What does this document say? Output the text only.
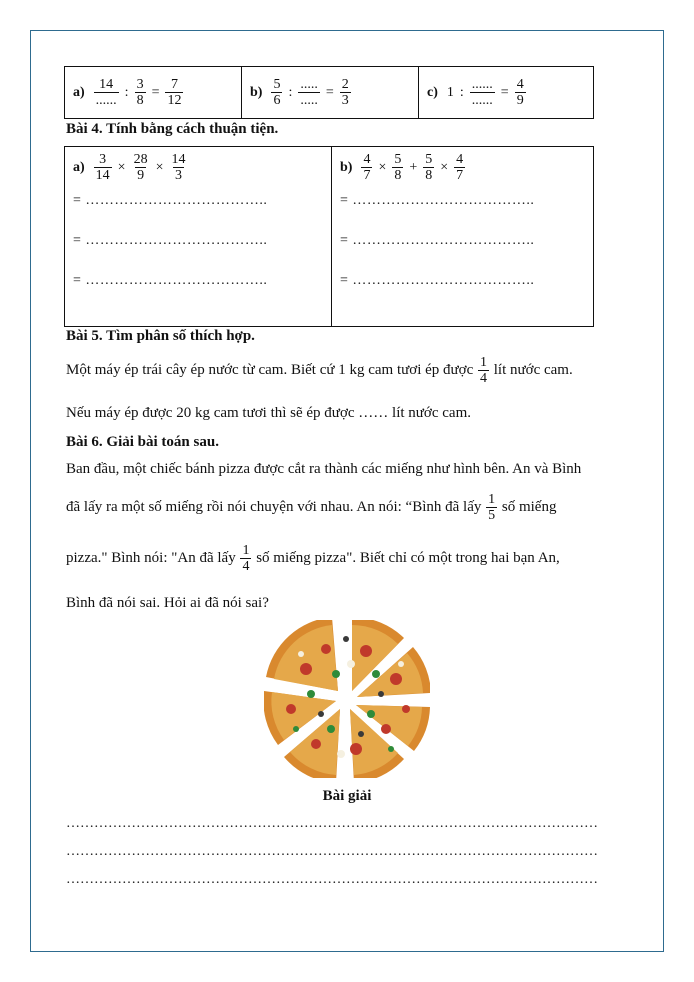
$a) \frac{14}{......}$ : $\frac{3}{8} = \frac{7}{12}$	$b) \frac{5}{6}$ : $\frac{.....}{.....} = \frac{2}{3}$	c) 1 : $\frac{......}{......} = \frac{4}{9}$
Bài 4. Tính bằng cách thuận tiện.
$a) \frac{3}{14} \times \frac{28}{9} \times \frac{14}{3}$
= ………………………………..
= ………………………………..
= ………………………………..

$b) \frac{4}{7} \times \frac{5}{8} + \frac{5}{8} \times \frac{4}{7}$
= ………………………………..
= ………………………………..
= ………………………………..
Bài 5. Tìm phân số thích hợp.
Một máy ép trái cây ép nước từ cam. Biết cứ 1 kg cam tươi ép được $\frac{1}{4}$ lít nước cam.
Nếu máy ép được 20 kg cam tươi thì sẽ ép được …… lít nước cam.
Bài 6. Giải bài toán sau.
Ban đầu, một chiếc bánh pizza được cắt ra thành các miếng như hình bên. An và Bình
đã lấy ra một số miếng rồi nói chuyện với nhau. An nói: “Bình đã lấy $\frac{1}{5}$ số miếng
pizza." Bình nói: "An đã lấy $\frac{1}{4}$ số miếng pizza". Biết chỉ có một trong hai bạn An,
Bình đã nói sai. Hỏi ai đã nói sai?
Bài giải
……………………………………………………………………………………………………
……………………………………………………………………………………………………
……………………………………………………………………………………………………
